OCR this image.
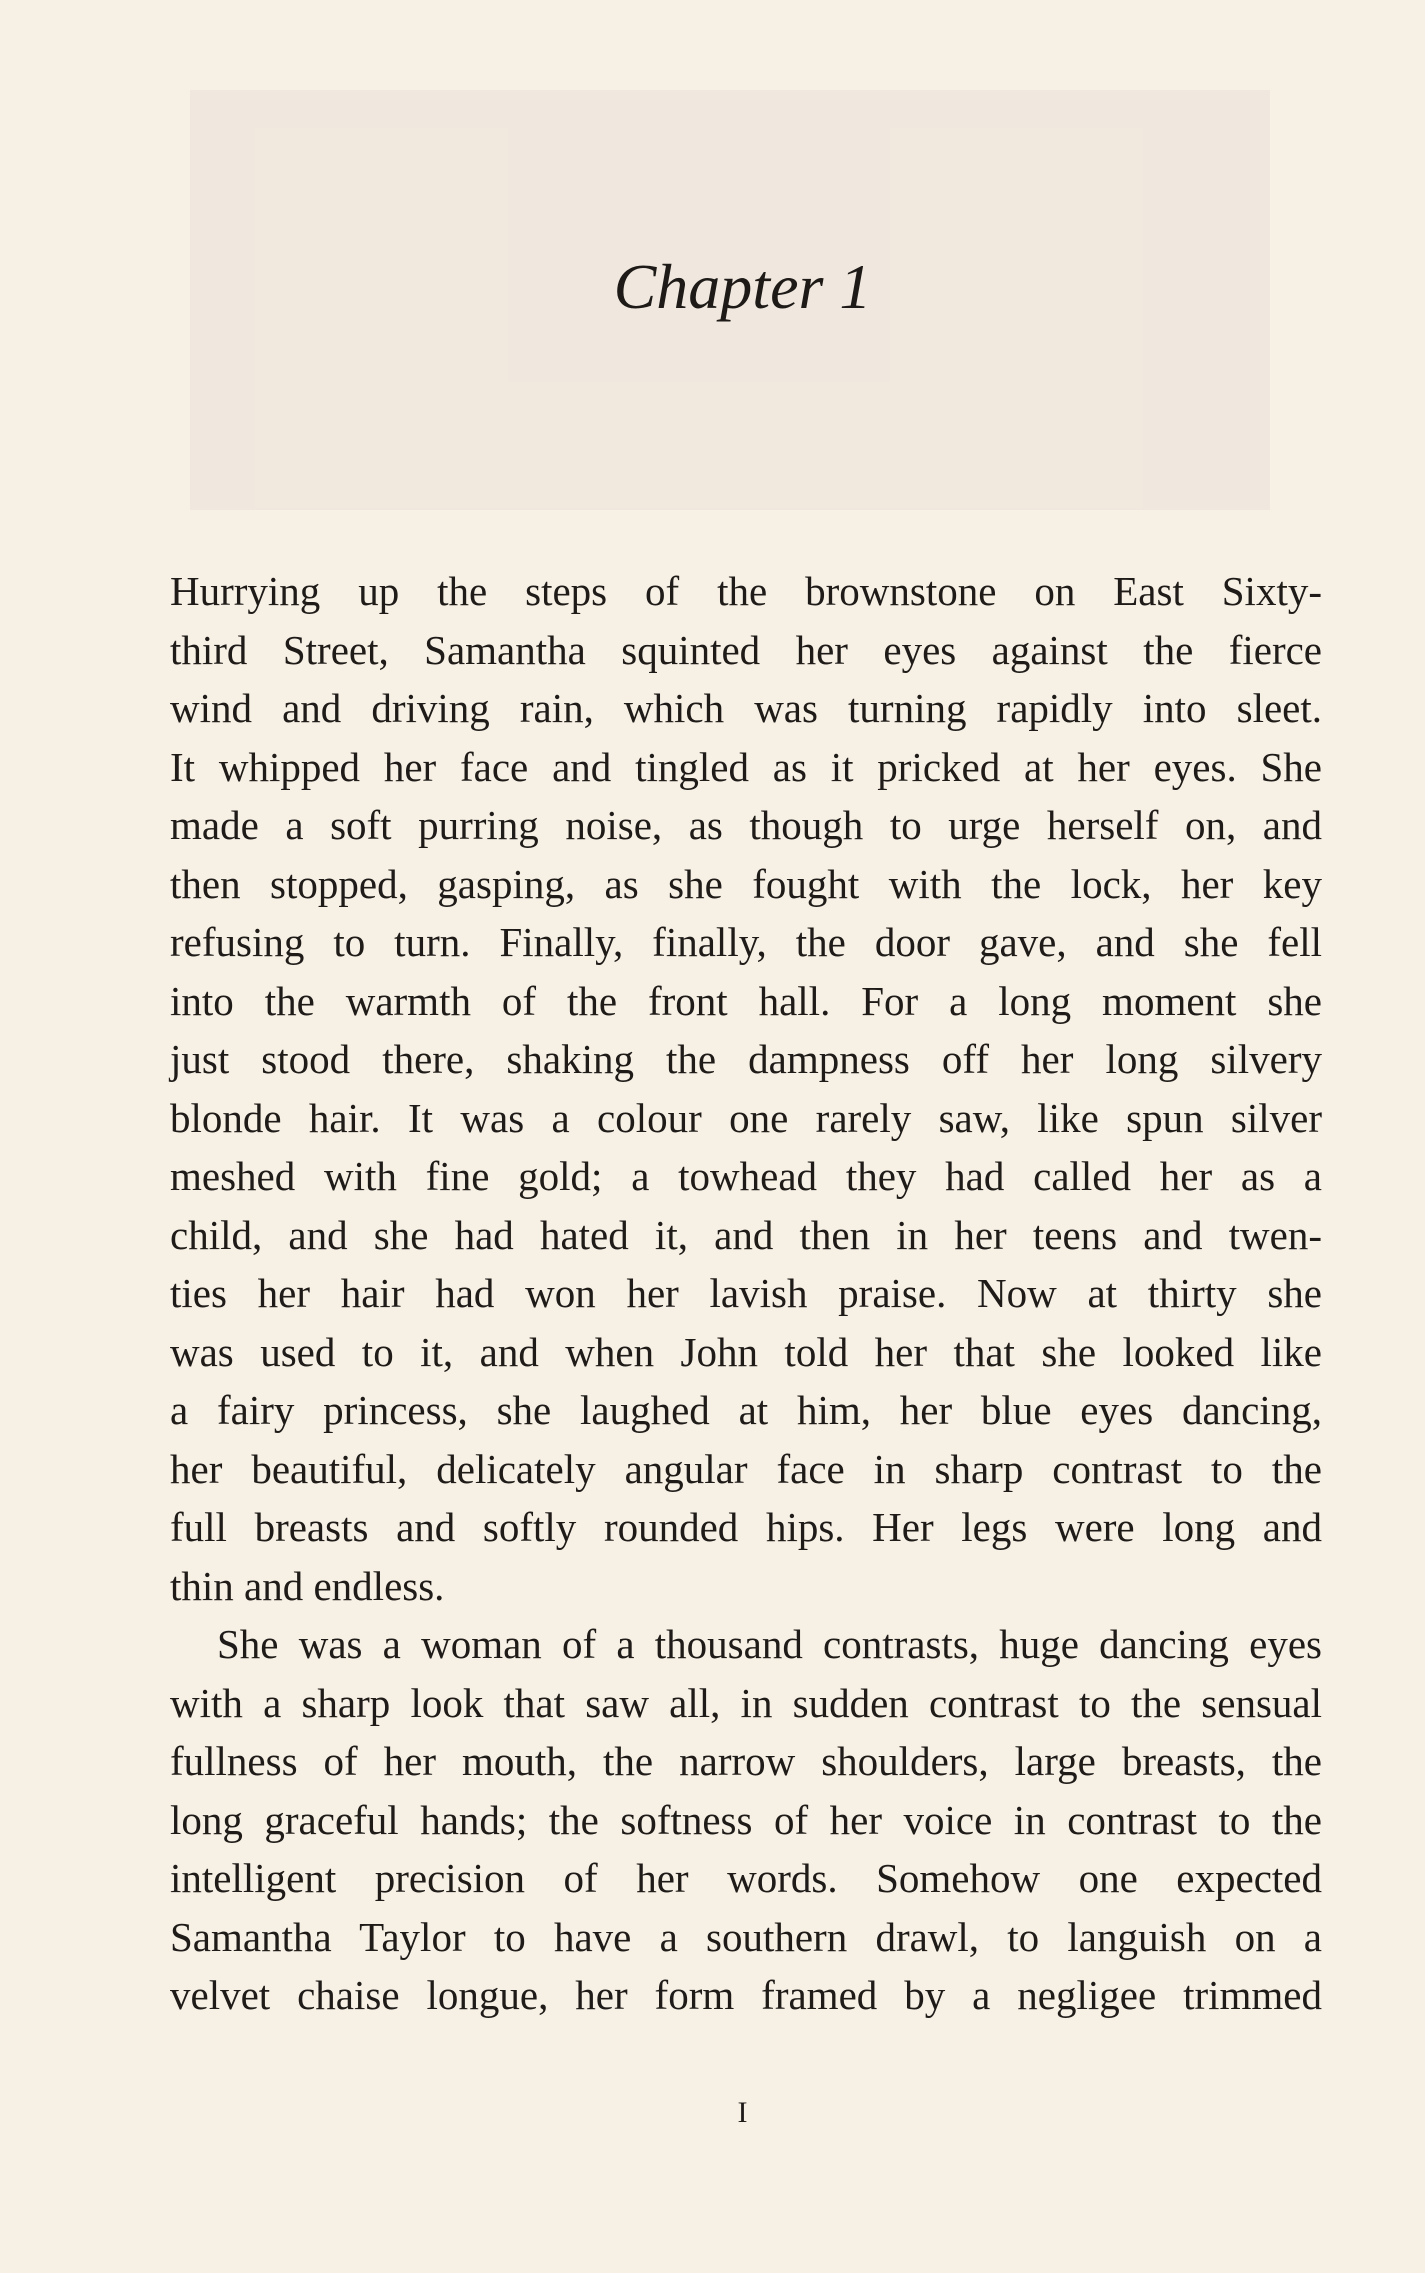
Chapter 1
Hurrying up the steps of the brownstone on East Sixty-
third Street, Samantha squinted her eyes against the fierce
wind and driving rain, which was turning rapidly into sleet.
It whipped her face and tingled as it pricked at her eyes. She
made a soft purring noise, as though to urge herself on, and
then stopped, gasping, as she fought with the lock, her key
refusing to turn. Finally, finally, the door gave, and she fell
into the warmth of the front hall. For a long moment she
just stood there, shaking the dampness off her long silvery
blonde hair. It was a colour one rarely saw, like spun silver
meshed with fine gold; a towhead they had called her as a
child, and she had hated it, and then in her teens and twen-
ties her hair had won her lavish praise. Now at thirty she
was used to it, and when John told her that she looked like
a fairy princess, she laughed at him, her blue eyes dancing,
her beautiful, delicately angular face in sharp contrast to the
full breasts and softly rounded hips. Her legs were long and
thin and endless.
She was a woman of a thousand contrasts, huge dancing eyes
with a sharp look that saw all, in sudden contrast to the sensual
fullness of her mouth, the narrow shoulders, large breasts, the
long graceful hands; the softness of her voice in contrast to the
intelligent precision of her words. Somehow one expected
Samantha Taylor to have a southern drawl, to languish on a
velvet chaise longue, her form framed by a negligee trimmed
I
